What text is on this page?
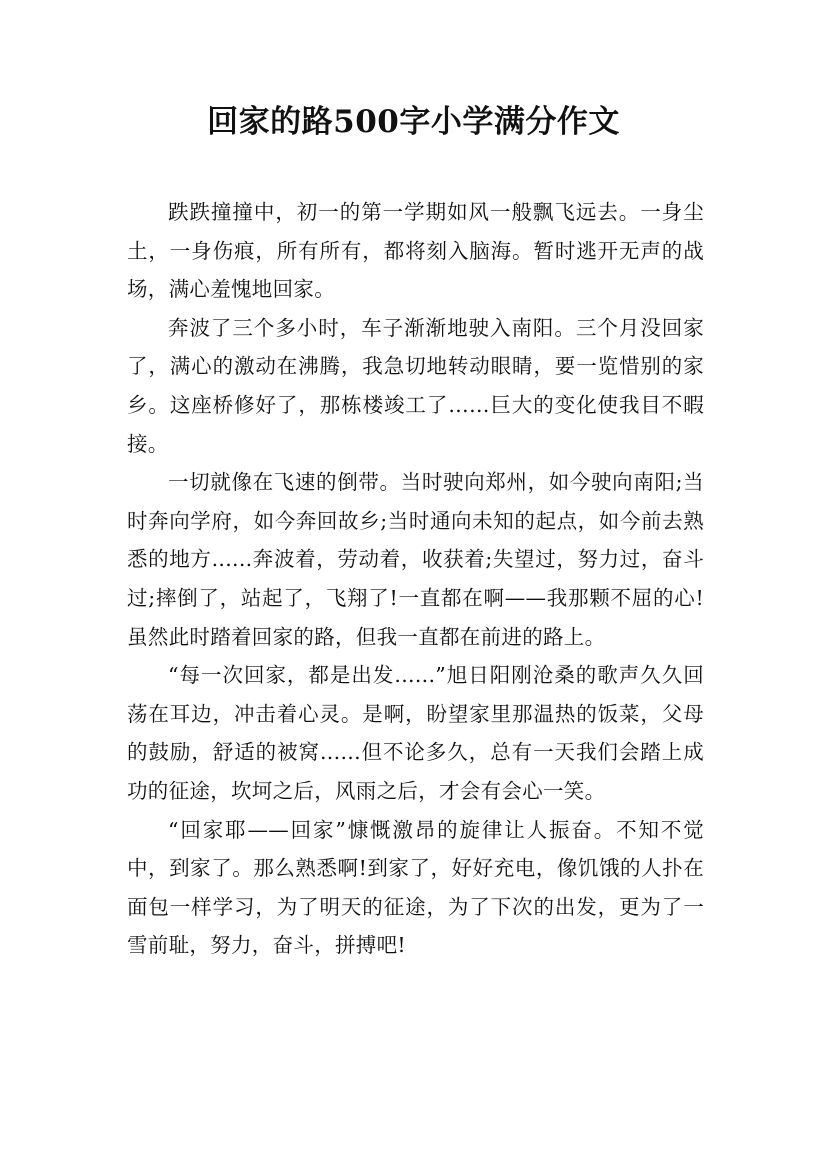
回家的路500字小学满分作文

跌跌撞撞中，初一的第一学期如风一般飘飞远去。一身尘土，一身伤痕，所有所有，都将刻入脑海。暂时逃开无声的战场，满心羞愧地回家。

奔波了三个多小时，车子渐渐地驶入南阳。三个月没回家了，满心的激动在沸腾，我急切地转动眼睛，要一览惜别的家乡。这座桥修好了，那栋楼竣工了……巨大的变化使我目不暇接。

一切就像在飞速的倒带。当时驶向郑州，如今驶向南阳;当时奔向学府，如今奔回故乡;当时通向未知的起点，如今前去熟悉的地方......奔波着，劳动着，收获着;失望过，努力过，奋斗过;摔倒了，站起了，飞翔了!一直都在啊——我那颗不屈的心!虽然此时踏着回家的路，但我一直都在前进的路上。

“每一次回家，都是出发......”旭日阳刚沧桑的歌声久久回荡在耳边，冲击着心灵。是啊，盼望家里那温热的饭菜，父母的鼓励，舒适的被窝......但不论多久，总有一天我们会踏上成功的征途，坎坷之后，风雨之后，才会有会心一笑。

“回家耶——回家”慷慨激昂的旋律让人振奋。不知不觉中，到家了。那么熟悉啊!到家了，好好充电，像饥饿的人扑在面包一样学习，为了明天的征途，为了下次的出发，更为了一雪前耻，努力，奋斗，拼搏吧!
